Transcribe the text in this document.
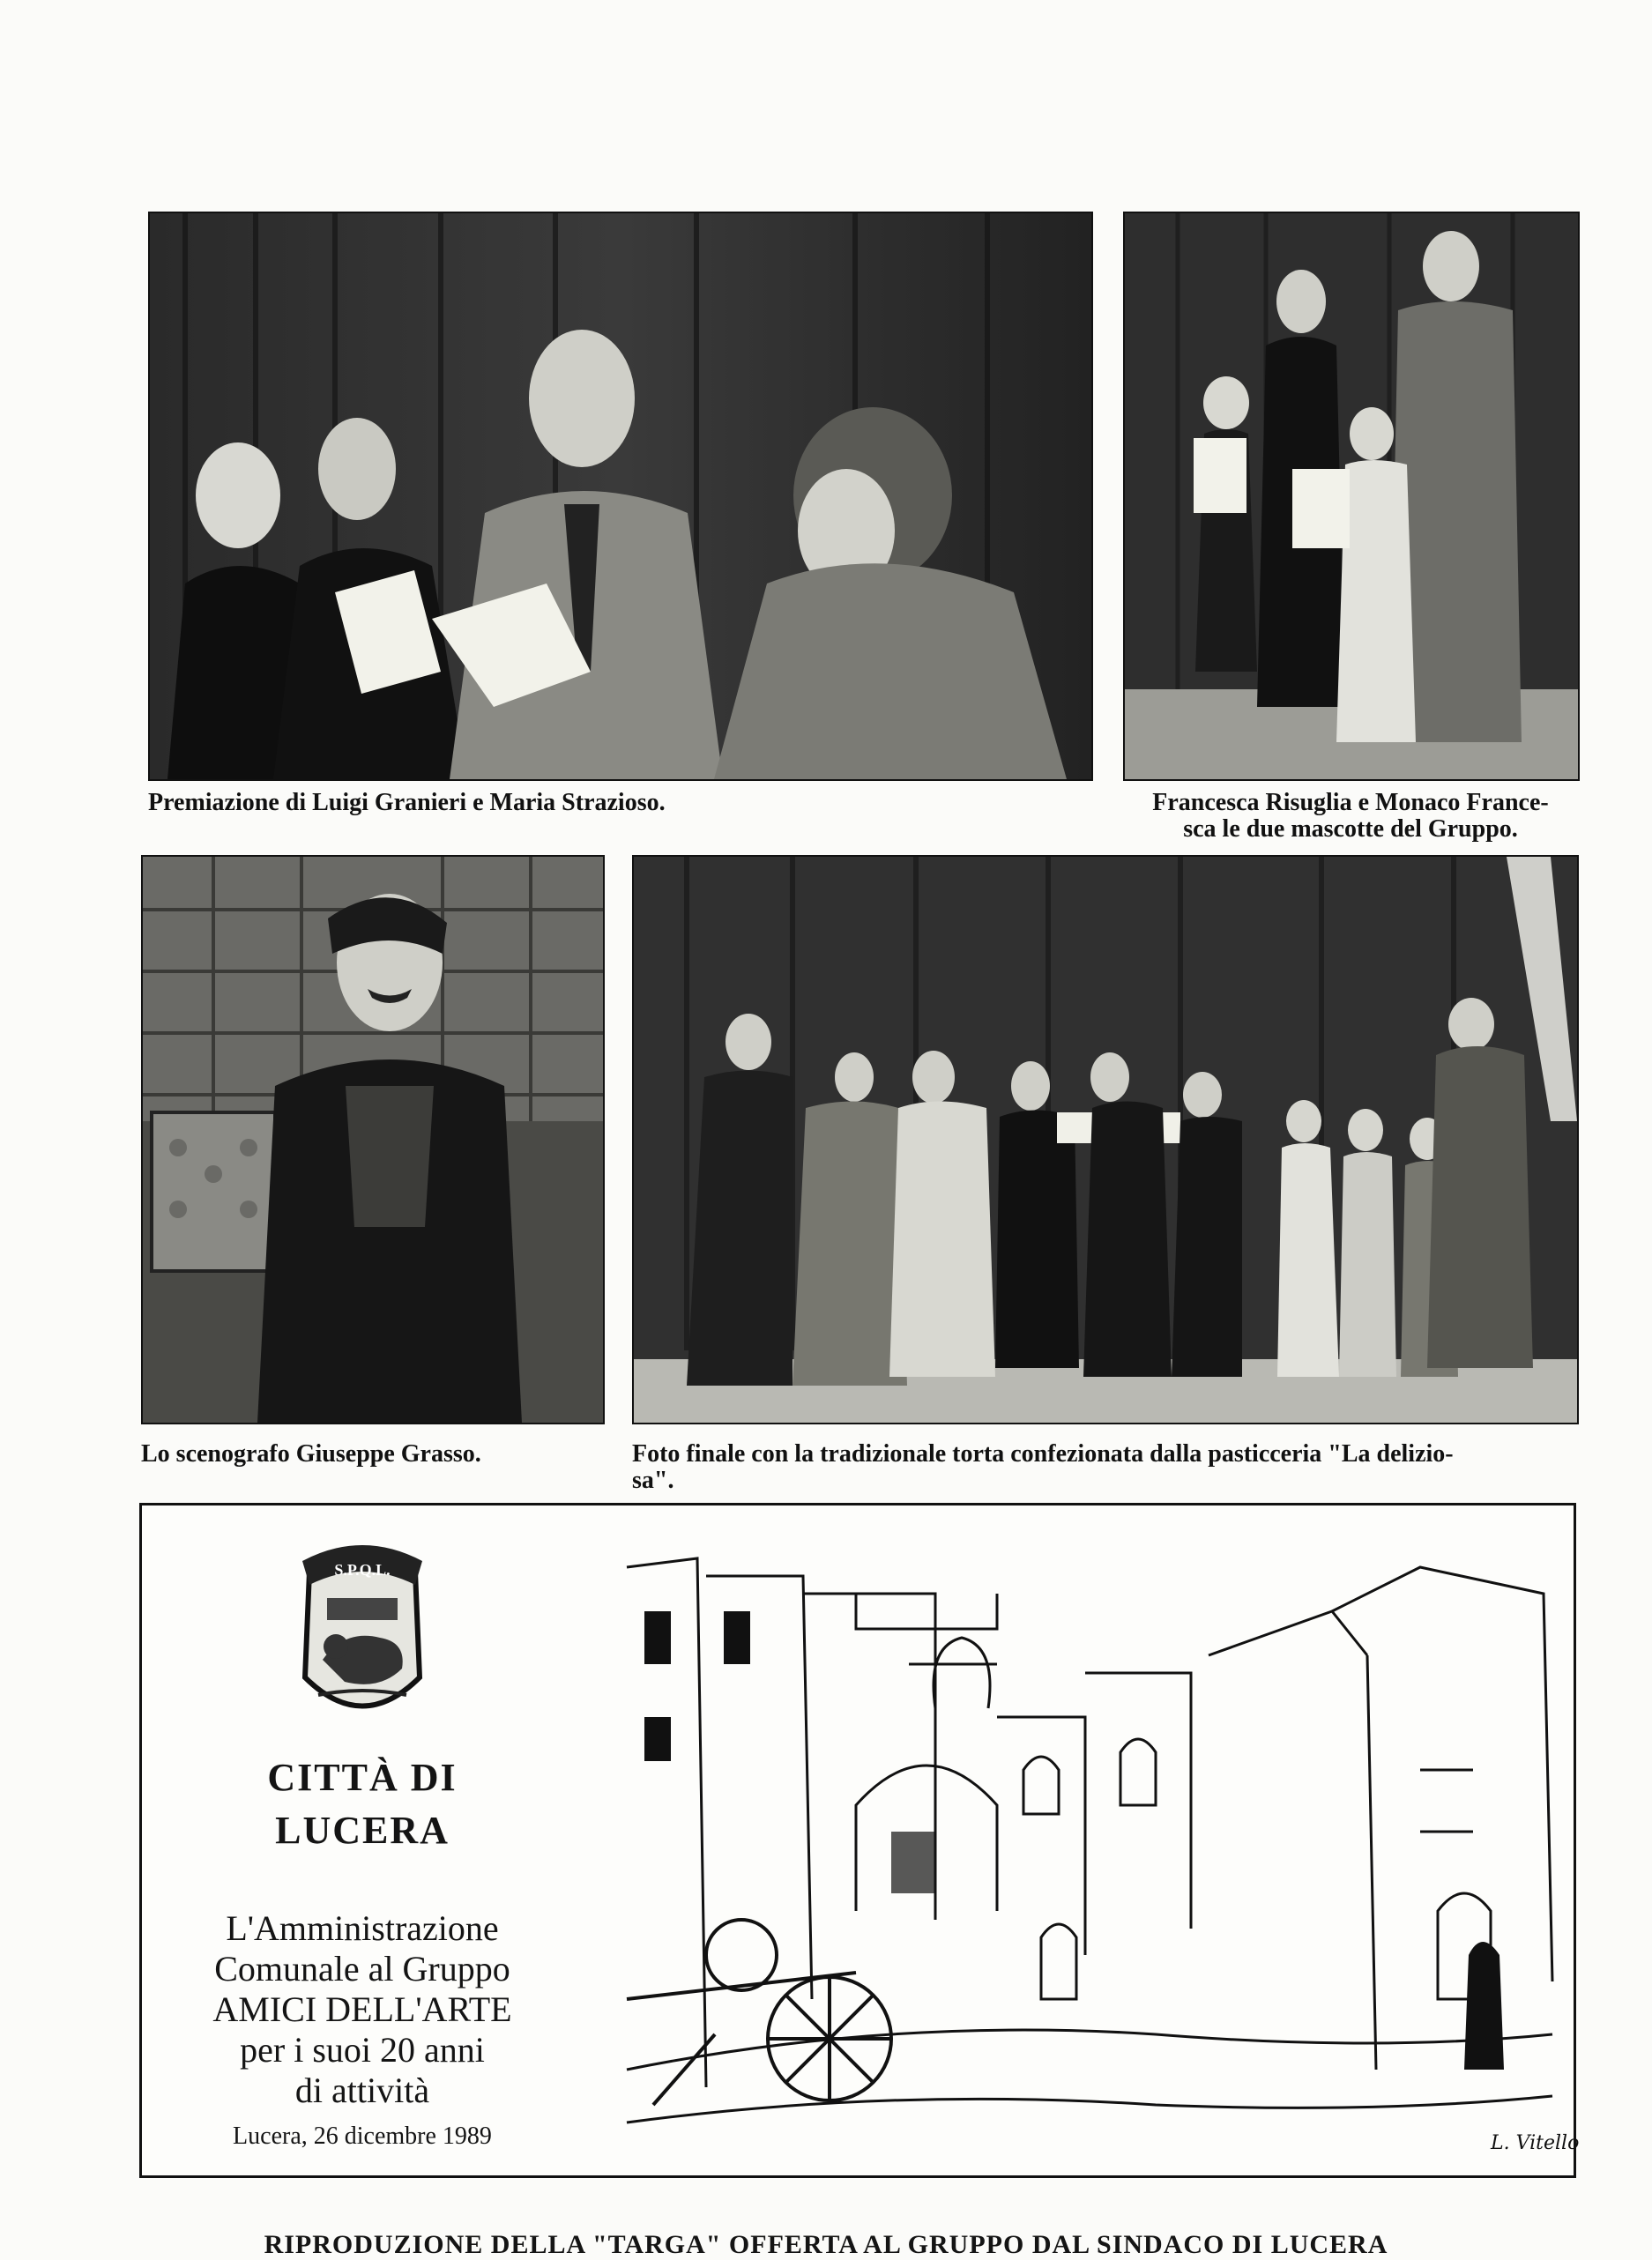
Premiazione di Luigi Granieri e Maria Strazioso.	Francesca Risuglia e Monaco France-
sca le due mascotte del Gruppo.
Lo scenografo Giuseppe Grasso.	Foto finale con la tradizionale torta confezionata dalla pasticceria "La delizio-
sa".
S.P.Q.L.
CITTÀ DI
LUCERA
L'Amministrazione
Comunale al Gruppo
AMICI DELL'ARTE
per i suoi 20 anni
di attività
Lucera, 26 dicembre 1989	L. Vitello
RIPRODUZIONE DELLA "TARGA" OFFERTA AL GRUPPO DAL SINDACO DI LUCERA
